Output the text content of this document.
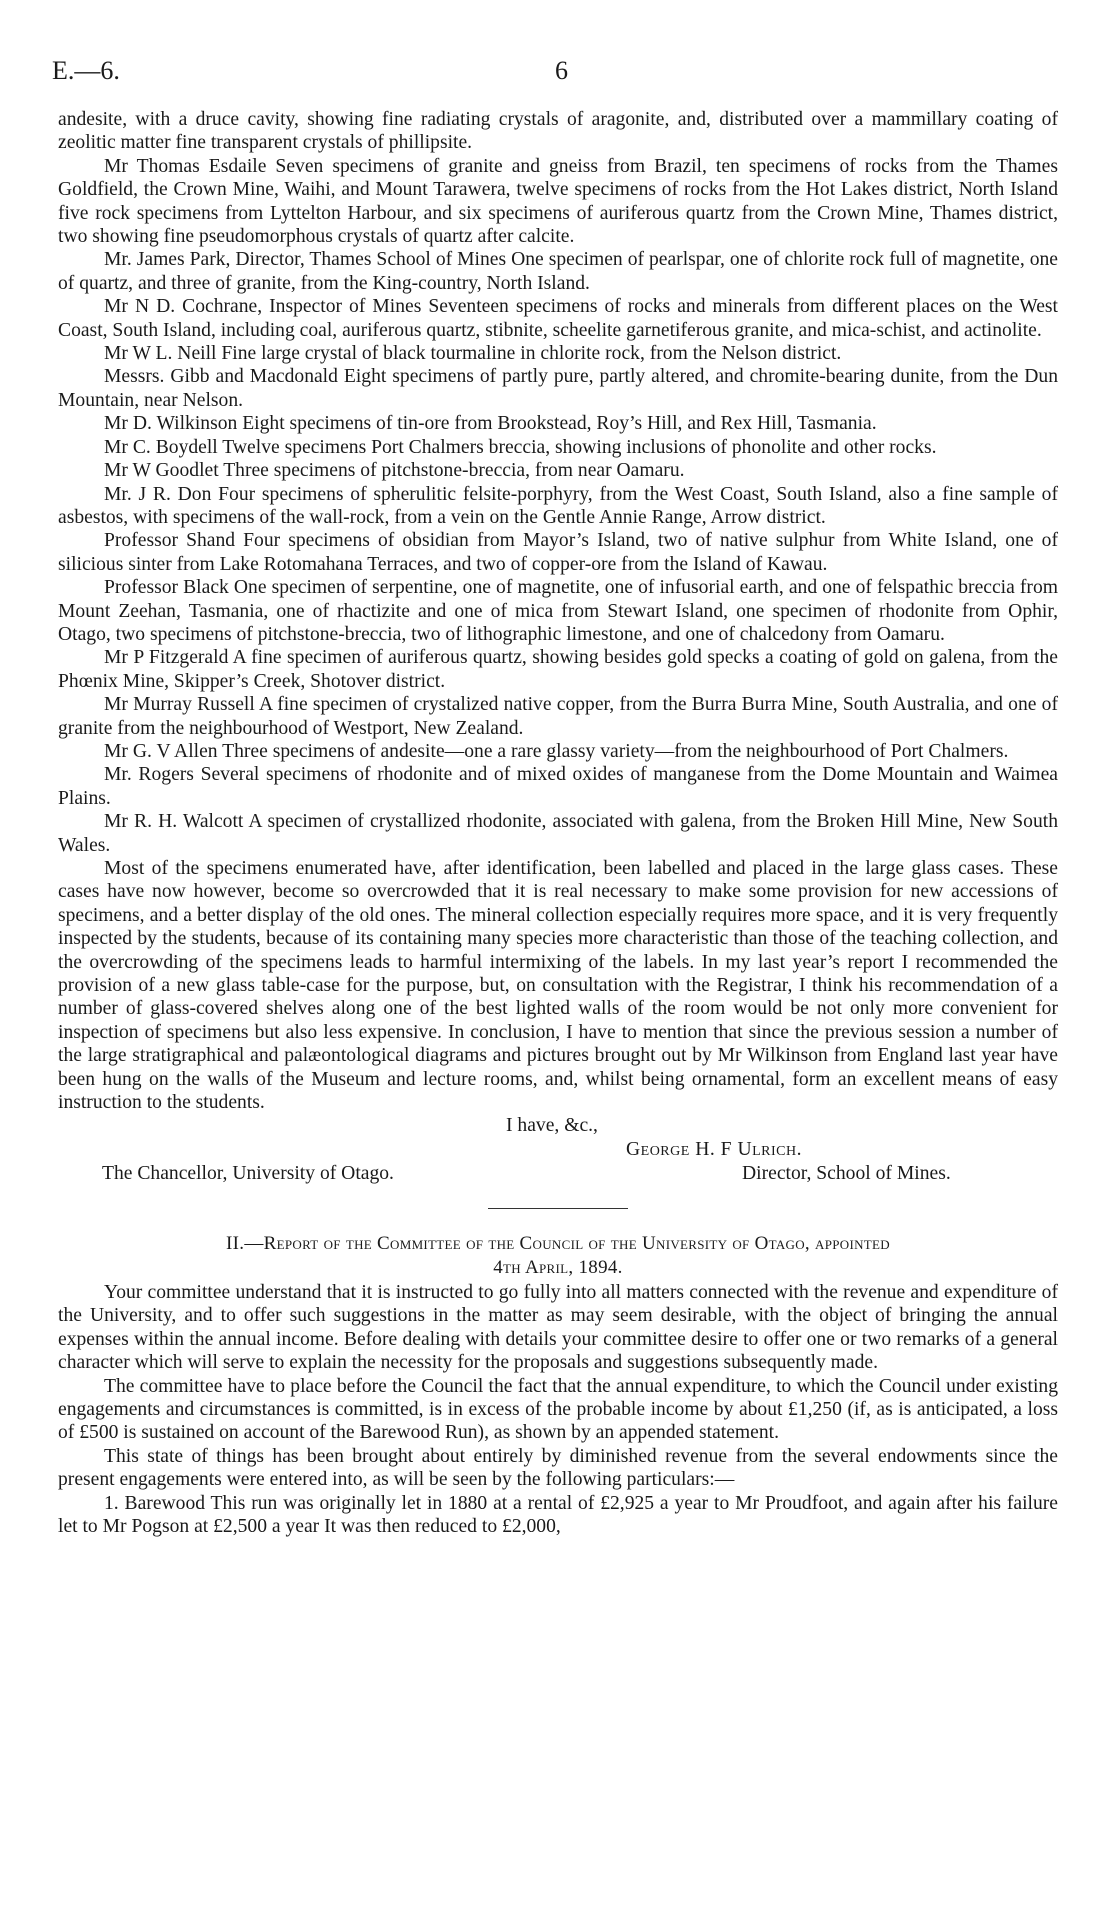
E.—6.	6

andesite, with a druce cavity, showing fine radiating crystals of aragonite, and, distributed over a mammillary coating of zeolitic matter fine transparent crystals of phillipsite.

Mr Thomas Esdaile Seven specimens of granite and gneiss from Brazil, ten specimens of rocks from the Thames Goldfield, the Crown Mine, Waihi, and Mount Tarawera, twelve specimens of rocks from the Hot Lakes district, North Island five rock specimens from Lyttelton Harbour, and six specimens of auriferous quartz from the Crown Mine, Thames district, two showing fine pseudomorphous crystals of quartz after calcite.

Mr. James Park, Director, Thames School of Mines One specimen of pearlspar, one of chlorite rock full of magnetite, one of quartz, and three of granite, from the King-country, North Island.

Mr N D. Cochrane, Inspector of Mines Seventeen specimens of rocks and minerals from different places on the West Coast, South Island, including coal, auriferous quartz, stibnite, scheelite garnetiferous granite, and mica-schist, and actinolite.

Mr W L. Neill Fine large crystal of black tourmaline in chlorite rock, from the Nelson district.

Messrs. Gibb and Macdonald Eight specimens of partly pure, partly altered, and chromite-bearing dunite, from the Dun Mountain, near Nelson.

Mr D. Wilkinson Eight specimens of tin-ore from Brookstead, Roy’s Hill, and Rex Hill, Tasmania.

Mr C. Boydell Twelve specimens Port Chalmers breccia, showing inclusions of phonolite and other rocks.

Mr W Goodlet Three specimens of pitchstone-breccia, from near Oamaru.

Mr. J R. Don Four specimens of spherulitic felsite-porphyry, from the West Coast, South Island, also a fine sample of asbestos, with specimens of the wall-rock, from a vein on the Gentle Annie Range, Arrow district.

Professor Shand Four specimens of obsidian from Mayor’s Island, two of native sulphur from White Island, one of silicious sinter from Lake Rotomahana Terraces, and two of copper-ore from the Island of Kawau.

Professor Black One specimen of serpentine, one of magnetite, one of infusorial earth, and one of felspathic breccia from Mount Zeehan, Tasmania, one of rhactizite and one of mica from Stewart Island, one specimen of rhodonite from Ophir, Otago, two specimens of pitchstone-breccia, two of lithographic limestone, and one of chalcedony from Oamaru.

Mr P Fitzgerald A fine specimen of auriferous quartz, showing besides gold specks a coating of gold on galena, from the Phœnix Mine, Skipper’s Creek, Shotover district.

Mr Murray Russell A fine specimen of crystalized native copper, from the Burra Burra Mine, South Australia, and one of granite from the neighbourhood of Westport, New Zealand.

Mr G. V Allen Three specimens of andesite—one a rare glassy variety—from the neighbourhood of Port Chalmers.

Mr. Rogers Several specimens of rhodonite and of mixed oxides of manganese from the Dome Mountain and Waimea Plains.

Mr R. H. Walcott A specimen of crystallized rhodonite, associated with galena, from the Broken Hill Mine, New South Wales.

Most of the specimens enumerated have, after identification, been labelled and placed in the large glass cases. These cases have now however, become so overcrowded that it is real necessary to make some provision for new accessions of specimens, and a better display of the old ones. The mineral collection especially requires more space, and it is very frequently inspected by the students, because of its containing many species more characteristic than those of the teaching collection, and the overcrowding of the specimens leads to harmful intermixing of the labels. In my last year’s report I recommended the provision of a new glass table-case for the purpose, but, on consultation with the Registrar, I think his recommendation of a number of glass-covered shelves along one of the best lighted walls of the room would be not only more convenient for inspection of specimens but also less expensive. In conclusion, I have to mention that since the previous session a number of the large stratigraphical and palæontological diagrams and pictures brought out by Mr Wilkinson from England last year have been hung on the walls of the Museum and lecture rooms, and, whilst being ornamental, form an excellent means of easy instruction to the students.

I have, &c.,
George H. F Ulrich.
The Chancellor, University of Otago.	Director, School of Mines.
II.—Report of the Committee of the Council of the University of Otago, appointed
4th April, 1894.

Your committee understand that it is instructed to go fully into all matters connected with the revenue and expenditure of the University, and to offer such suggestions in the matter as may seem desirable, with the object of bringing the annual expenses within the annual income. Before dealing with details your committee desire to offer one or two remarks of a general character which will serve to explain the necessity for the proposals and suggestions subsequently made.

The committee have to place before the Council the fact that the annual expenditure, to which the Council under existing engagements and circumstances is committed, is in excess of the probable income by about £1,250 (if, as is anticipated, a loss of £500 is sustained on account of the Barewood Run), as shown by an appended statement.

This state of things has been brought about entirely by diminished revenue from the several endowments since the present engagements were entered into, as will be seen by the following particulars:—

1. Barewood This run was originally let in 1880 at a rental of £2,925 a year to Mr Proudfoot, and again after his failure let to Mr Pogson at £2,500 a year It was then reduced to £2,000,
